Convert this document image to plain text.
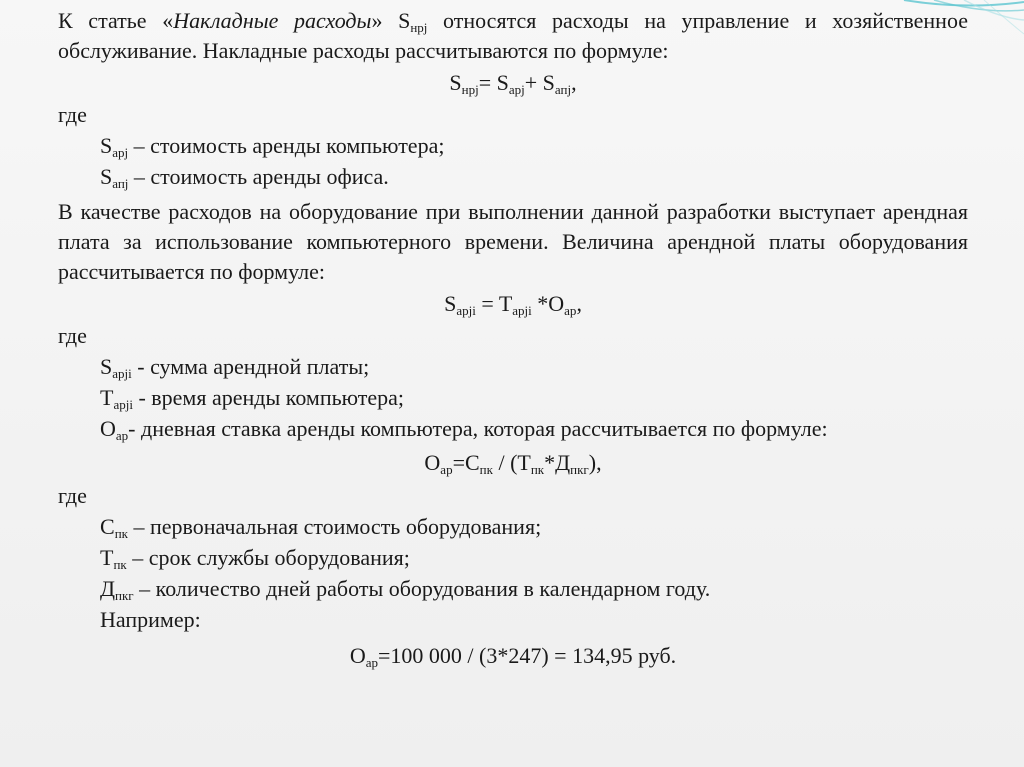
К статье «Накладные расходы» $S_{нрj}$ относятся расходы на управление и хозяйственное обслуживание. Накладные расходы рассчитываются по формуле:

$S_{нрj}= S_{арj}+ S_{апj}$,
где
$S_{арj}$ – стоимость аренды компьютера;
$S_{апj}$ – стоимость аренды офиса.

В качестве расходов на оборудование при выполнении данной разработки выступает арендная плата за использование компьютерного времени. Величина арендной платы оборудования рассчитывается по формуле:

$S_{арji} = T_{арji}$ $*O_{ар}$,
где
$S_{арji}$ - сумма арендной платы;
$T_{арji}$ - время аренды компьютера;
$O_{ар}-$ дневная ставка аренды компьютера, которая рассчитывается по формуле:
$O_{ар}=C_{пк} / (T_{пк}*Д_{пкг})$,
где
$C_{пк}$ – первоначальная стоимость оборудования;
$T_{пк}$ – срок службы оборудования;
$Д_{пкг}$ – количество дней работы оборудования в календарном году.
Например:
$O_{ар}=100$ 000 / (3*247) = 134,95 руб.
